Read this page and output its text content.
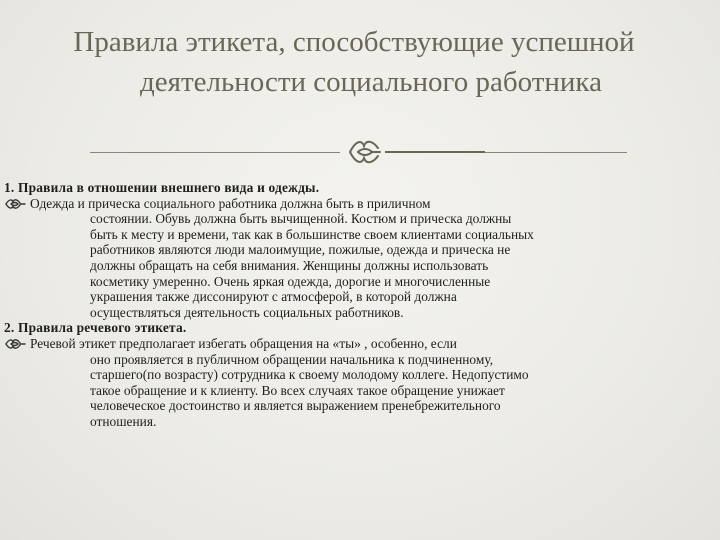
Правила этикета, способствующие успешной
деятельности социального работника

1. Правила в отношении внешнего вида и одежды.

Одежда и прическа социального работника должна быть в приличном
состоянии. Обувь должна быть вычищенной. Костюм и прическа должны
быть к месту и времени, так как в большинстве своем клиентами социальных
работников являются люди малоимущие, пожилые, одежда и прическа не
должны обращать на себя внимания. Женщины должны использовать
косметику умеренно. Очень яркая одежда, дорогие и многочисленные
украшения также диссонируют с атмосферой, в которой должна
осуществляться деятельность социальных работников.

2. Правила речевого этикета.

Речевой этикет предполагает избегать обращения на «ты» , особенно, если
оно проявляется в публичном обращении начальника к подчиненному,
старшего(по возрасту) сотрудника к своему молодому коллеге. Недопустимо
такое обращение и к клиенту. Во всех случаях такое обращение унижает
человеческое достоинство и является выражением пренебрежительного
отношения.
